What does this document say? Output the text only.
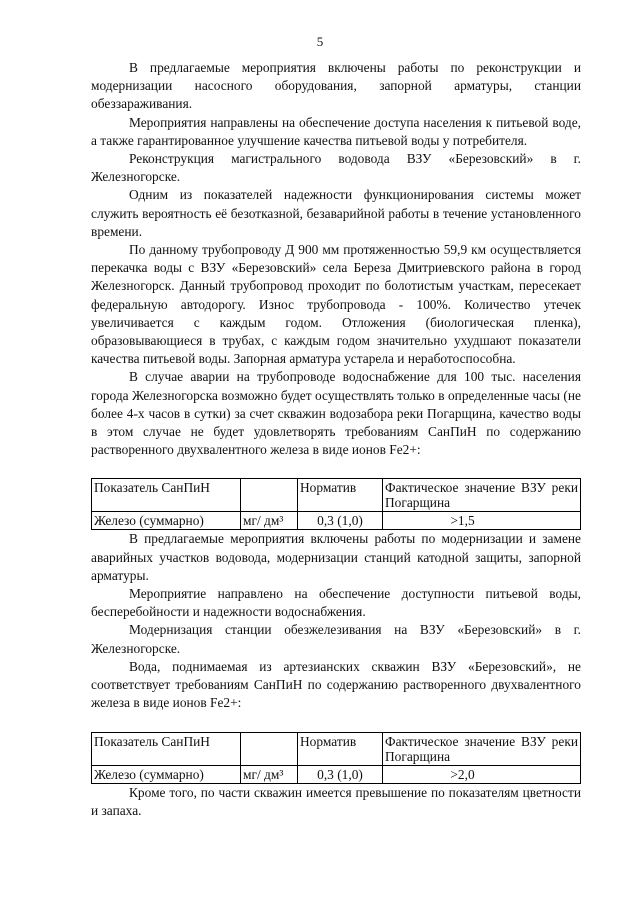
5

В предлагаемые мероприятия включены работы по реконструкции и модернизации насосного оборудования, запорной арматуры, станции обеззараживания.

Мероприятия направлены на обеспечение доступа населения к питьевой воде, а также гарантированное улучшение качества питьевой воды у потребителя.

Реконструкция магистрального водовода ВЗУ «Березовский» в г. Железногорске.

Одним из показателей надежности функционирования системы может служить вероятность её безотказной, безаварийной работы в течение установленного времени.

По данному трубопроводу Д 900 мм протяженностью 59,9 км осуществляется перекачка воды с ВЗУ «Березовский» села Береза Дмитриевского района в город Железногорск. Данный трубопровод проходит по болотистым участкам, пересекает федеральную автодорогу. Износ трубопровода - 100%. Количество утечек увеличивается с каждым годом. Отложения (биологическая пленка), образовывающиеся в трубах, с каждым годом значительно ухудшают показатели качества питьевой воды. Запорная арматура устарела и неработоспособна.

В случае аварии на трубопроводе водоснабжение для 100 тыс. населения города Железногорска возможно будет осуществлять только в определенные часы (не более 4-х часов в сутки) за счет скважин водозабора реки Погарщина, качество воды в этом случае не будет удовлетворять требованиям СанПиН по содержанию растворенного двухвалентного железа в виде ионов Fe2+:

Показатель СанПиН		Норматив	Фактическое значение ВЗУ реки Погарщина
Железо (суммарно)	мг/ дм³	0,3 (1,0)	>1,5

В предлагаемые мероприятия включены работы по модернизации и замене аварийных участков водовода, модернизации станций катодной защиты, запорной арматуры.

Мероприятие направлено на обеспечение доступности питьевой воды, бесперебойности и надежности водоснабжения.

Модернизация станции обезжелезивания на ВЗУ «Березовский» в г. Железногорске.

Вода, поднимаемая из артезианских скважин ВЗУ «Березовский», не соответствует требованиям СанПиН по содержанию растворенного двухвалентного железа в виде ионов Fe2+:

Показатель СанПиН		Норматив	Фактическое значение ВЗУ реки Погарщина
Железо (суммарно)	мг/ дм³	0,3 (1,0)	>2,0

Кроме того, по части скважин имеется превышение по показателям цветности и запаха.
